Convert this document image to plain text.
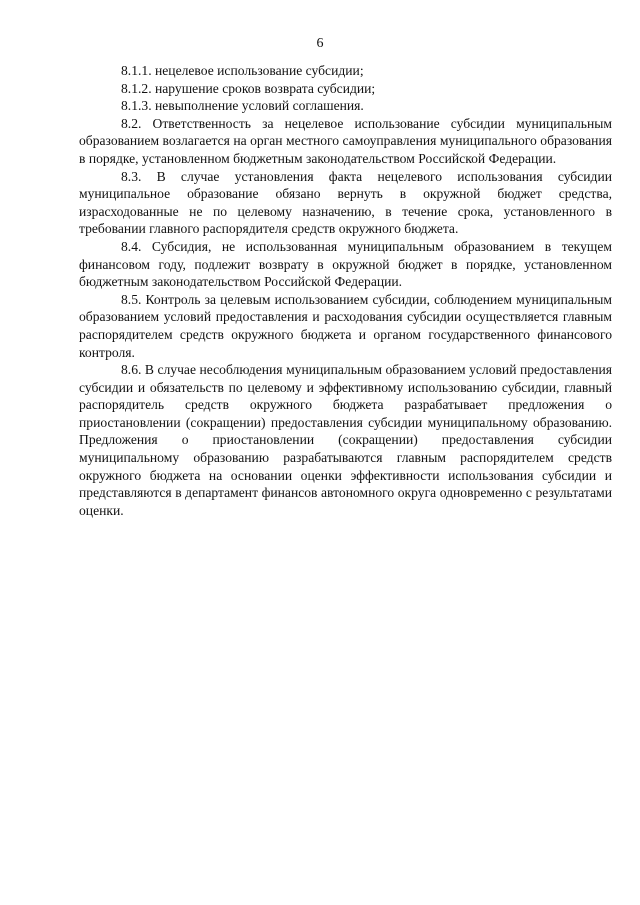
6

8.1.1. нецелевое использование субсидии;

8.1.2. нарушение сроков возврата субсидии;

8.1.3. невыполнение условий соглашения.

8.2. Ответственность за нецелевое использование субсидии муниципальным образованием возлагается на орган местного самоуправления муниципального образования в порядке, установленном бюджетным законодательством Российской Федерации.

8.3. В случае установления факта нецелевого использования субсидии муниципальное образование обязано вернуть в окружной бюджет средства, израсходованные не по целевому назначению, в течение срока, установленного в требовании главного распорядителя средств окружного бюджета.

8.4. Субсидия, не использованная муниципальным образованием в текущем финансовом году, подлежит возврату в окружной бюджет в порядке, установленном бюджетным законодательством Российской Федерации.

8.5. Контроль за целевым использованием субсидии, соблюдением муниципальным образованием условий предоставления и расходования субсидии осуществляется главным распорядителем средств окружного бюджета и органом государственного финансового контроля.

8.6. В случае несоблюдения муниципальным образованием условий предоставления субсидии и обязательств по целевому и эффективному использованию субсидии, главный распорядитель средств окружного бюджета разрабатывает предложения о приостановлении (сокращении) предоставления субсидии муниципальному образованию. Предложения о приостановлении (сокращении) предоставления субсидии муниципальному образованию разрабатываются главным распорядителем средств окружного бюджета на основании оценки эффективности использования субсидии и представляются в департамент финансов автономного округа одновременно с результатами оценки.
